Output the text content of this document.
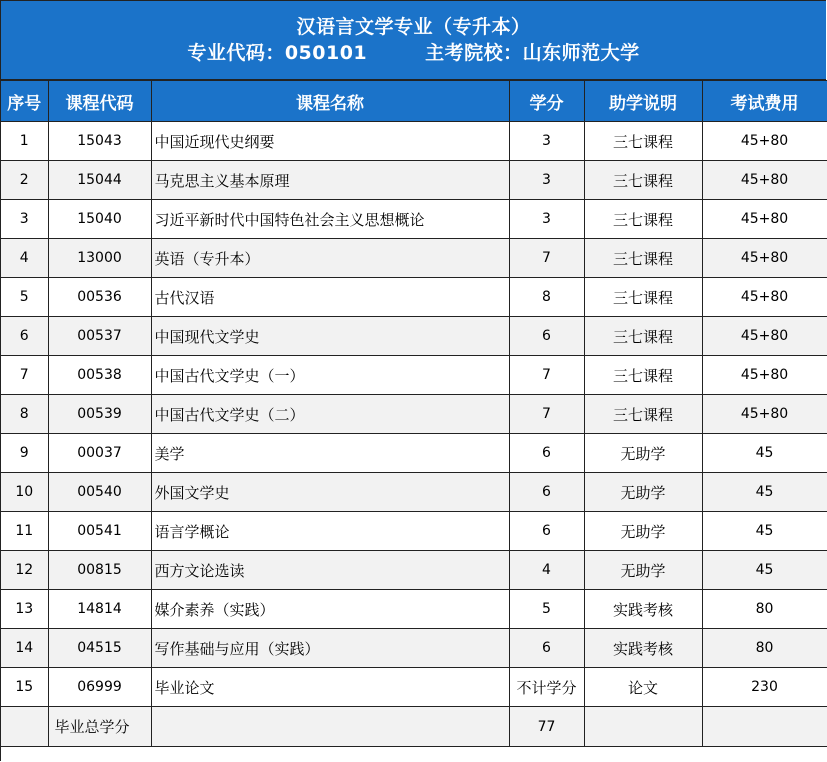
汉语言文学专业（专升本）
专业代码：050101	主考院校：山东师范大学
序号	课程代码	课程名称	学分	助学说明	考试费用
1	15043	中国近现代史纲要	3	三七课程	45+80
2	15044	马克思主义基本原理	3	三七课程	45+80
3	15040	习近平新时代中国特色社会主义思想概论	3	三七课程	45+80
4	13000	英语（专升本）	7	三七课程	45+80
5	00536	古代汉语	8	三七课程	45+80
6	00537	中国现代文学史	6	三七课程	45+80
7	00538	中国古代文学史（一）	7	三七课程	45+80
8	00539	中国古代文学史（二）	7	三七课程	45+80
9	00037	美学	6	无助学	45
10	00540	外国文学史	6	无助学	45
11	00541	语言学概论	6	无助学	45
12	00815	西方文论选读	4	无助学	45
13	14814	媒介素养（实践）	5	实践考核	80
14	04515	写作基础与应用（实践）	6	实践考核	80
15	06999	毕业论文	不计学分	论文	230
	毕业总学分		77		
